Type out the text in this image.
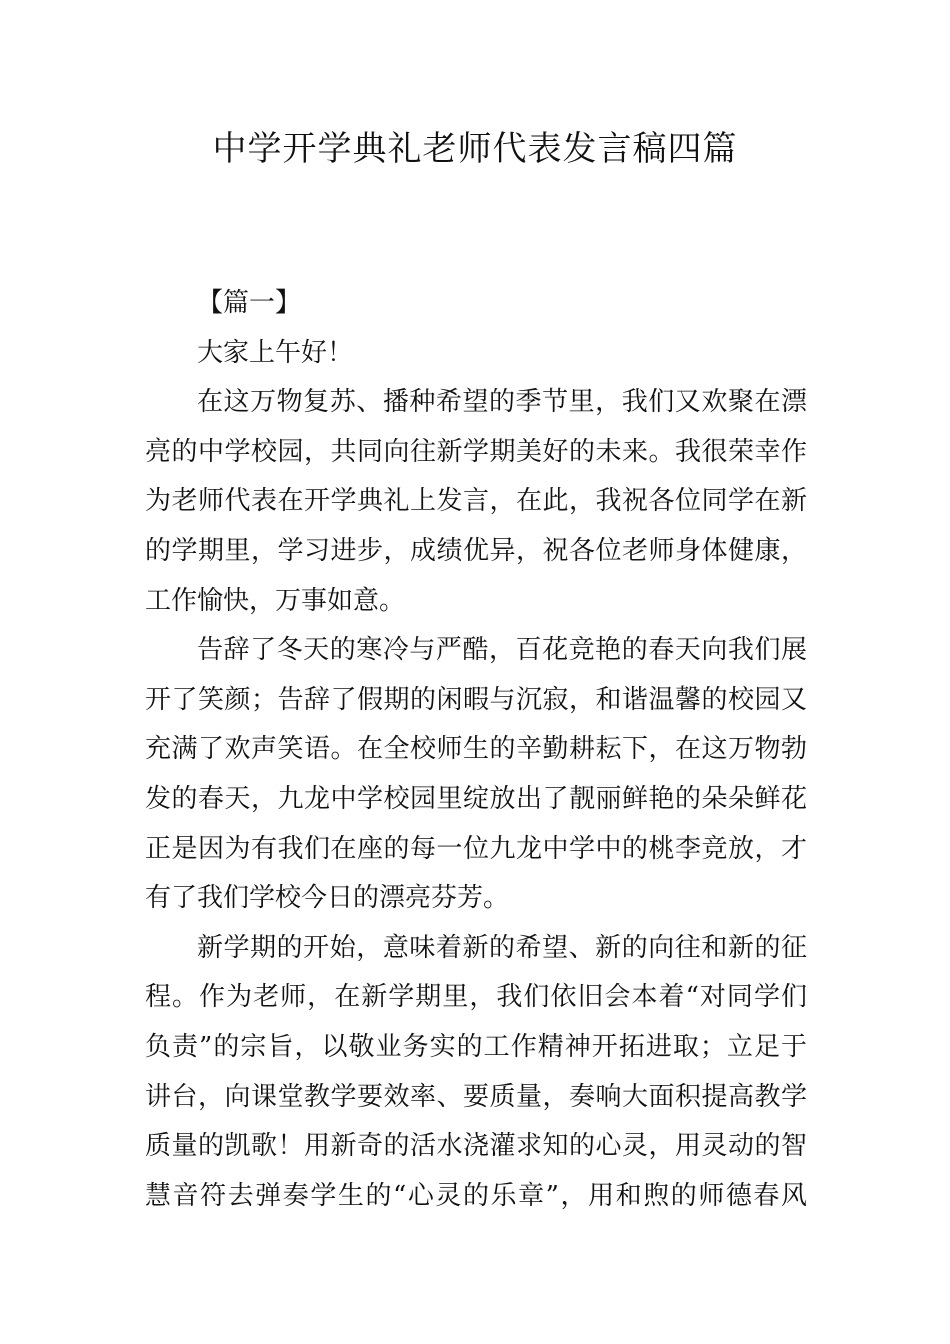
中学开学典礼老师代表发言稿四篇

【篇一】

大家上午好！

在这万物复苏、播种希望的季节里，我们又欢聚在漂亮的中学校园，共同向往新学期美好的未来。我很荣幸作为老师代表在开学典礼上发言，在此，我祝各位同学在新的学期里，学习进步，成绩优异，祝各位老师身体健康，工作愉快，万事如意。

告辞了冬天的寒冷与严酷，百花竞艳的春天向我们展开了笑颜；告辞了假期的闲暇与沉寂，和谐温馨的校园又充满了欢声笑语。在全校师生的辛勤耕耘下，在这万物勃发的春天，九龙中学校园里绽放出了靓丽鲜艳的朵朵鲜花正是因为有我们在座的每一位九龙中学中的桃李竞放，才有了我们学校今日的漂亮芬芳。

新学期的开始，意味着新的希望、新的向往和新的征程。作为老师，在新学期里，我们依旧会本着“对同学们负责”的宗旨，以敬业务实的工作精神开拓进取；立足于讲台，向课堂教学要效率、要质量，奏响大面积提高教学质量的凯歌！用新奇的活水浇灌求知的心灵，用灵动的智慧音符去弹奏学生的“心灵的乐章”，用和煦的师德春风
